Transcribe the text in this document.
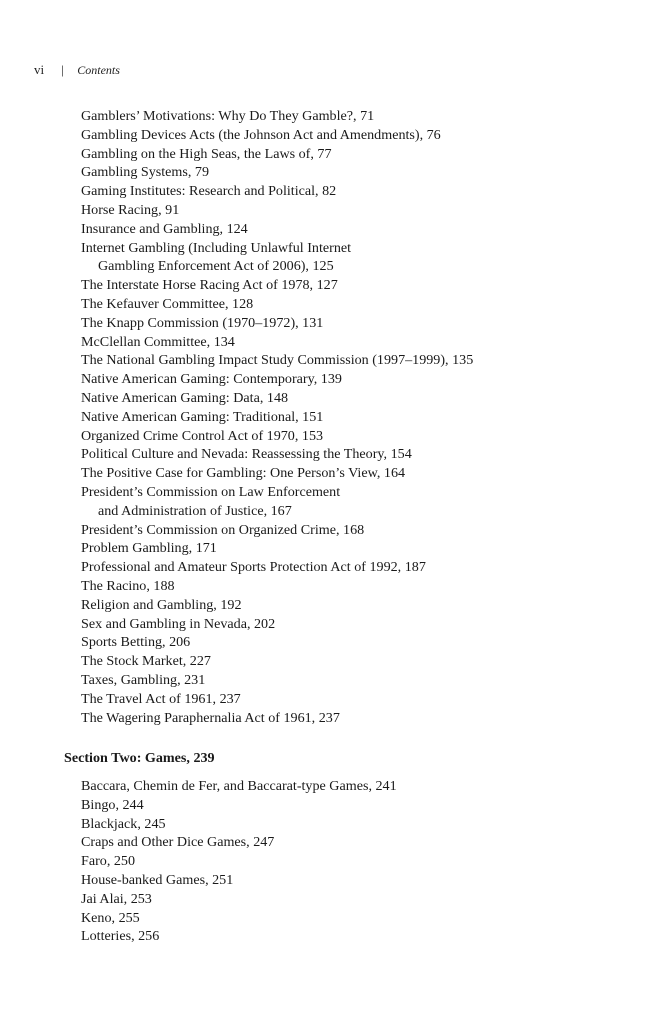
vi | Contents
Gamblers’ Motivations: Why Do They Gamble?, 71
Gambling Devices Acts (the Johnson Act and Amendments), 76
Gambling on the High Seas, the Laws of, 77
Gambling Systems, 79
Gaming Institutes: Research and Political, 82
Horse Racing, 91
Insurance and Gambling, 124
Internet Gambling (Including Unlawful Internet
Gambling Enforcement Act of 2006), 125
The Interstate Horse Racing Act of 1978, 127
The Kefauver Committee, 128
The Knapp Commission (1970–1972), 131
McClellan Committee, 134
The National Gambling Impact Study Commission (1997–1999), 135
Native American Gaming: Contemporary, 139
Native American Gaming: Data, 148
Native American Gaming: Traditional, 151
Organized Crime Control Act of 1970, 153
Political Culture and Nevada: Reassessing the Theory, 154
The Positive Case for Gambling: One Person’s View, 164
President’s Commission on Law Enforcement
and Administration of Justice, 167
President’s Commission on Organized Crime, 168
Problem Gambling, 171
Professional and Amateur Sports Protection Act of 1992, 187
The Racino, 188
Religion and Gambling, 192
Sex and Gambling in Nevada, 202
Sports Betting, 206
The Stock Market, 227
Taxes, Gambling, 231
The Travel Act of 1961, 237
The Wagering Paraphernalia Act of 1961, 237
Section Two: Games, 239
Baccara, Chemin de Fer, and Baccarat-type Games, 241
Bingo, 244
Blackjack, 245
Craps and Other Dice Games, 247
Faro, 250
House-banked Games, 251
Jai Alai, 253
Keno, 255
Lotteries, 256
